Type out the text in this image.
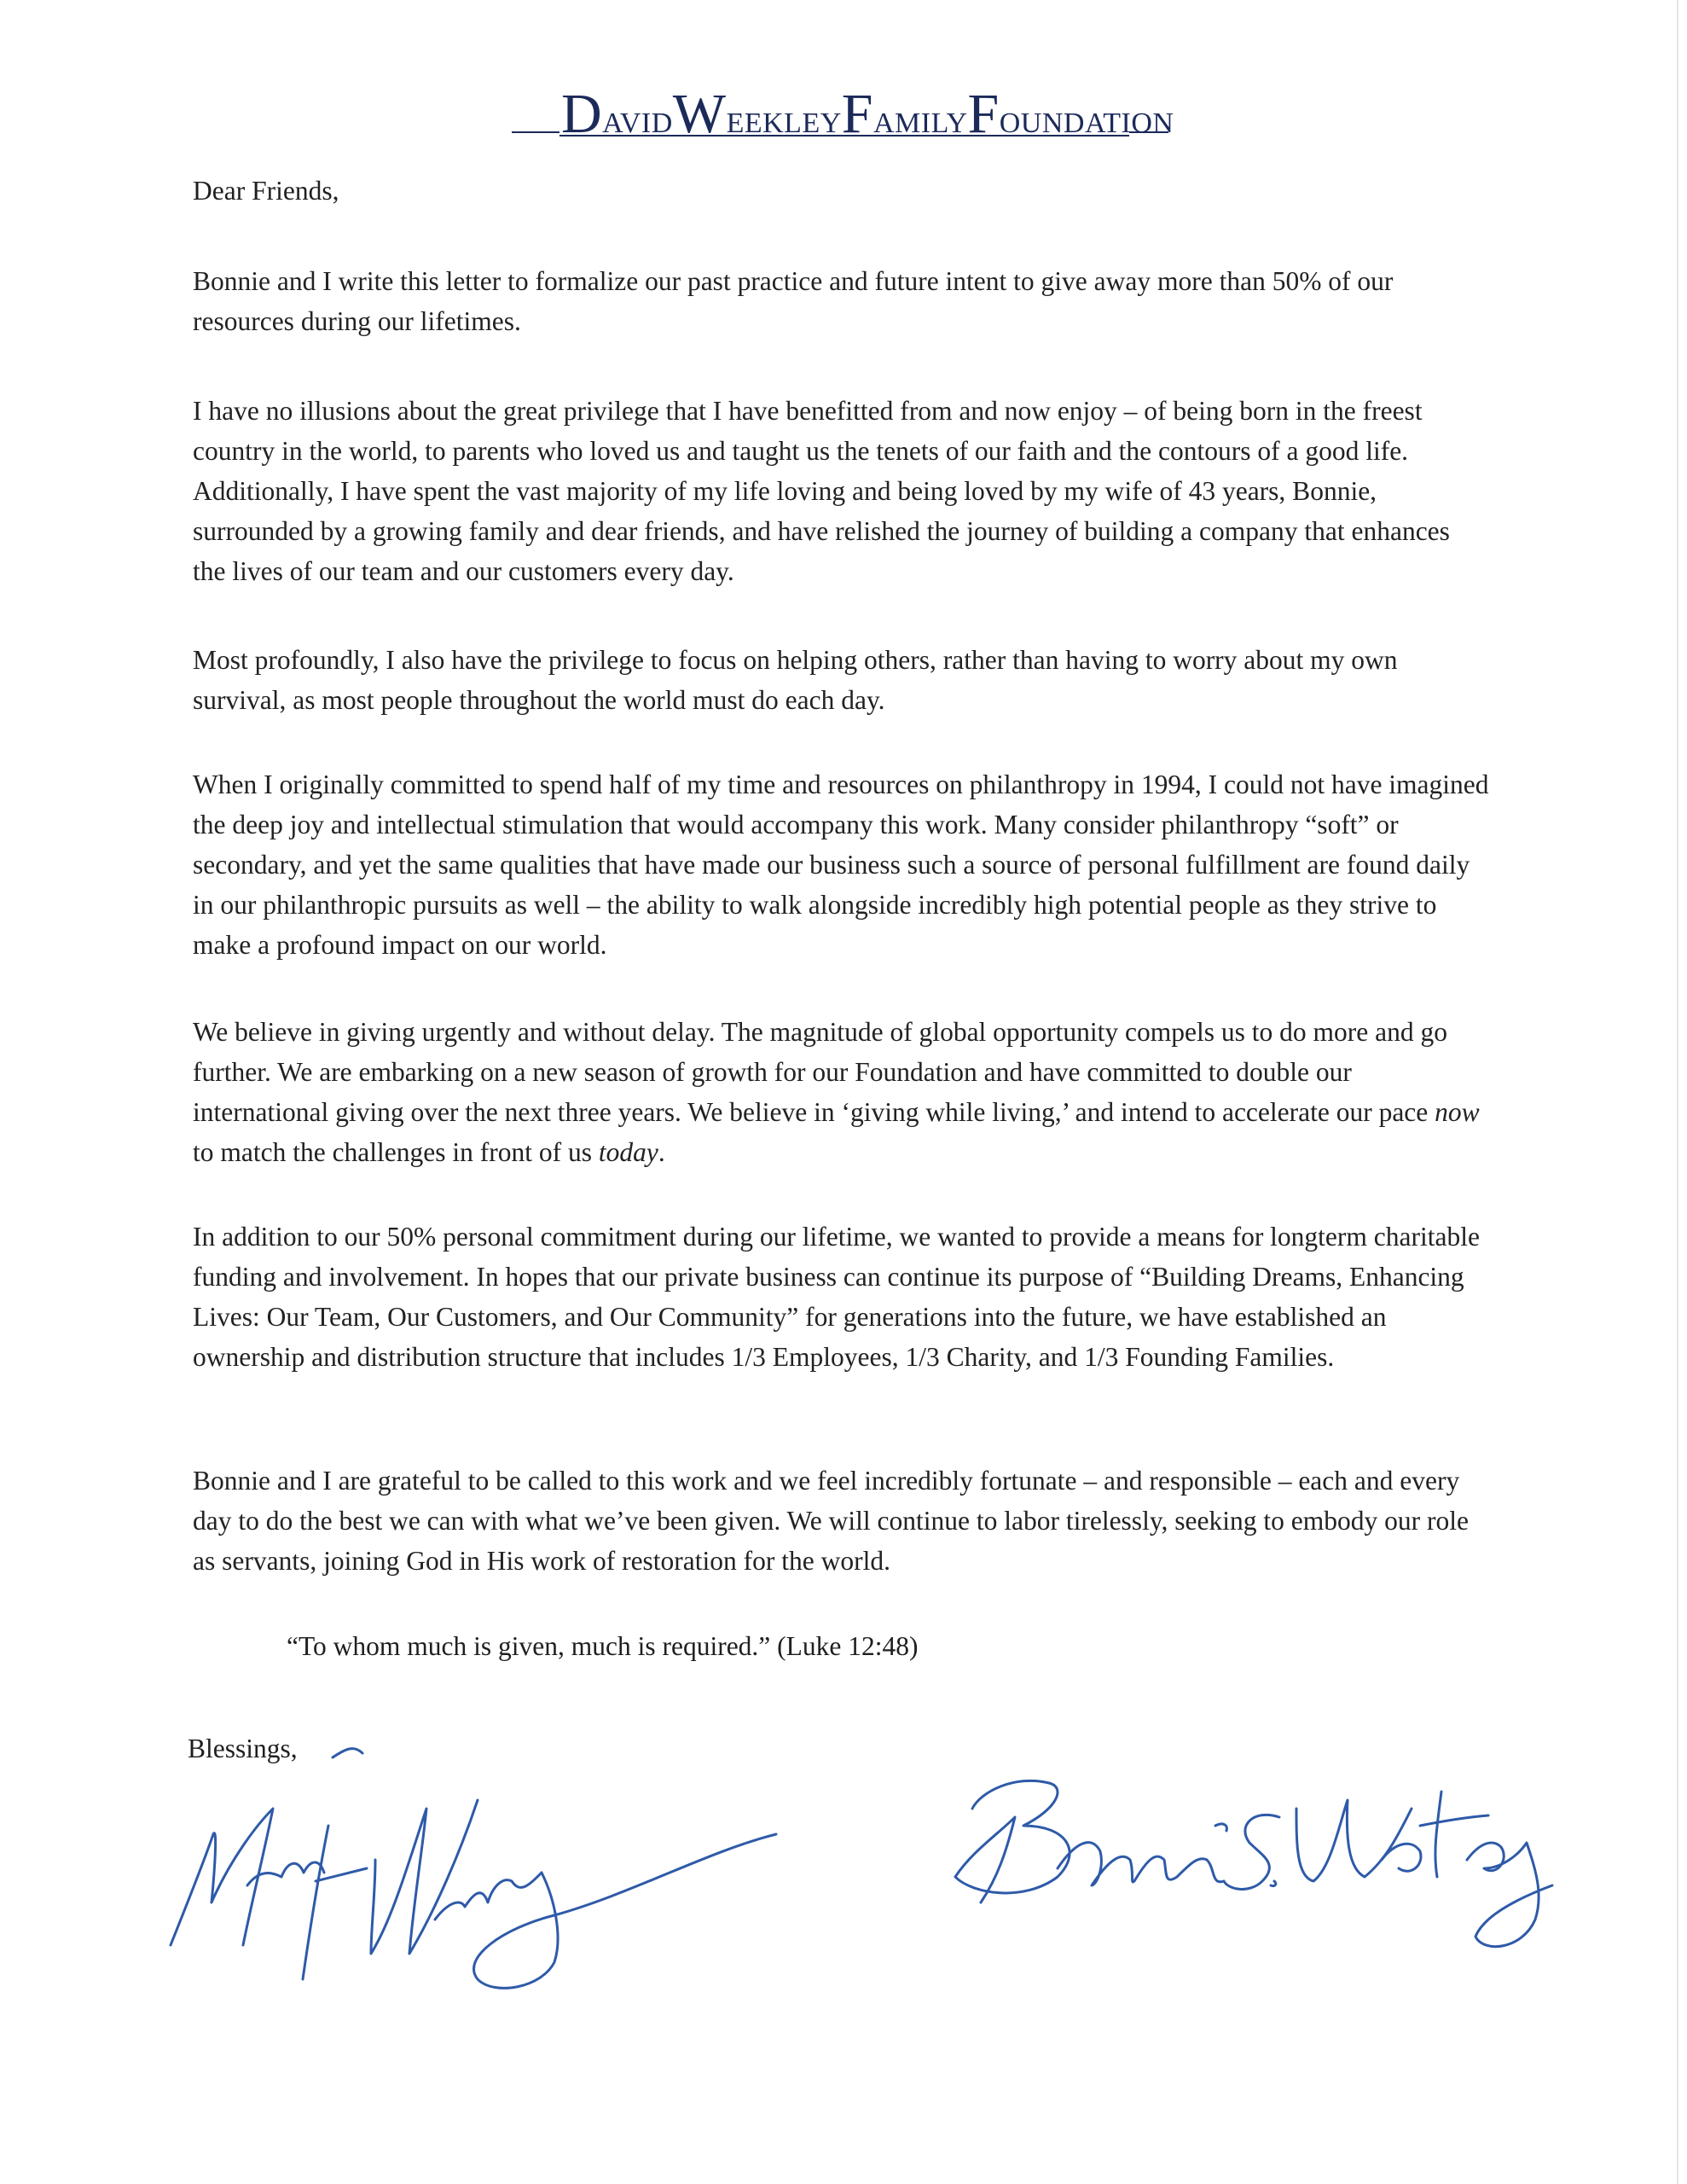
DAVIDWEEKLEYFAMILYFOUNDATION
Dear Friends,

Bonnie and I write this letter to formalize our past practice and future intent to give away more than 50% of our resources during our lifetimes.

I have no illusions about the great privilege that I have benefitted from and now enjoy – of being born in the freest country in the world, to parents who loved us and taught us the tenets of our faith and the contours of a good life. Additionally, I have spent the vast majority of my life loving and being loved by my wife of 43 years, Bonnie, surrounded by a growing family and dear friends, and have relished the journey of building a company that enhances the lives of our team and our customers every day.

Most profoundly, I also have the privilege to focus on helping others, rather than having to worry about my own survival, as most people throughout the world must do each day.

When I originally committed to spend half of my time and resources on philanthropy in 1994, I could not have imagined the deep joy and intellectual stimulation that would accompany this work. Many consider philanthropy “soft” or secondary, and yet the same qualities that have made our business such a source of personal fulfillment are found daily in our philanthropic pursuits as well – the ability to walk alongside incredibly high potential people as they strive to make a profound impact on our world.

We believe in giving urgently and without delay. The magnitude of global opportunity compels us to do more and go further. We are embarking on a new season of growth for our Foundation and have committed to double our international giving over the next three years. We believe in ‘giving while living,’ and intend to accelerate our pace now to match the challenges in front of us today.

In addition to our 50% personal commitment during our lifetime, we wanted to provide a means for longterm charitable funding and involvement. In hopes that our private business can continue its purpose of “Building Dreams, Enhancing Lives: Our Team, Our Customers, and Our Community” for generations into the future, we have established an ownership and distribution structure that includes 1/3 Employees, 1/3 Charity, and 1/3 Founding Families.

Bonnie and I are grateful to be called to this work and we feel incredibly fortunate – and responsible – each and every day to do the best we can with what we’ve been given. We will continue to labor tirelessly, seeking to embody our role as servants, joining God in His work of restoration for the world.

“To whom much is given, much is required.” (Luke 12:48)
Blessings,
